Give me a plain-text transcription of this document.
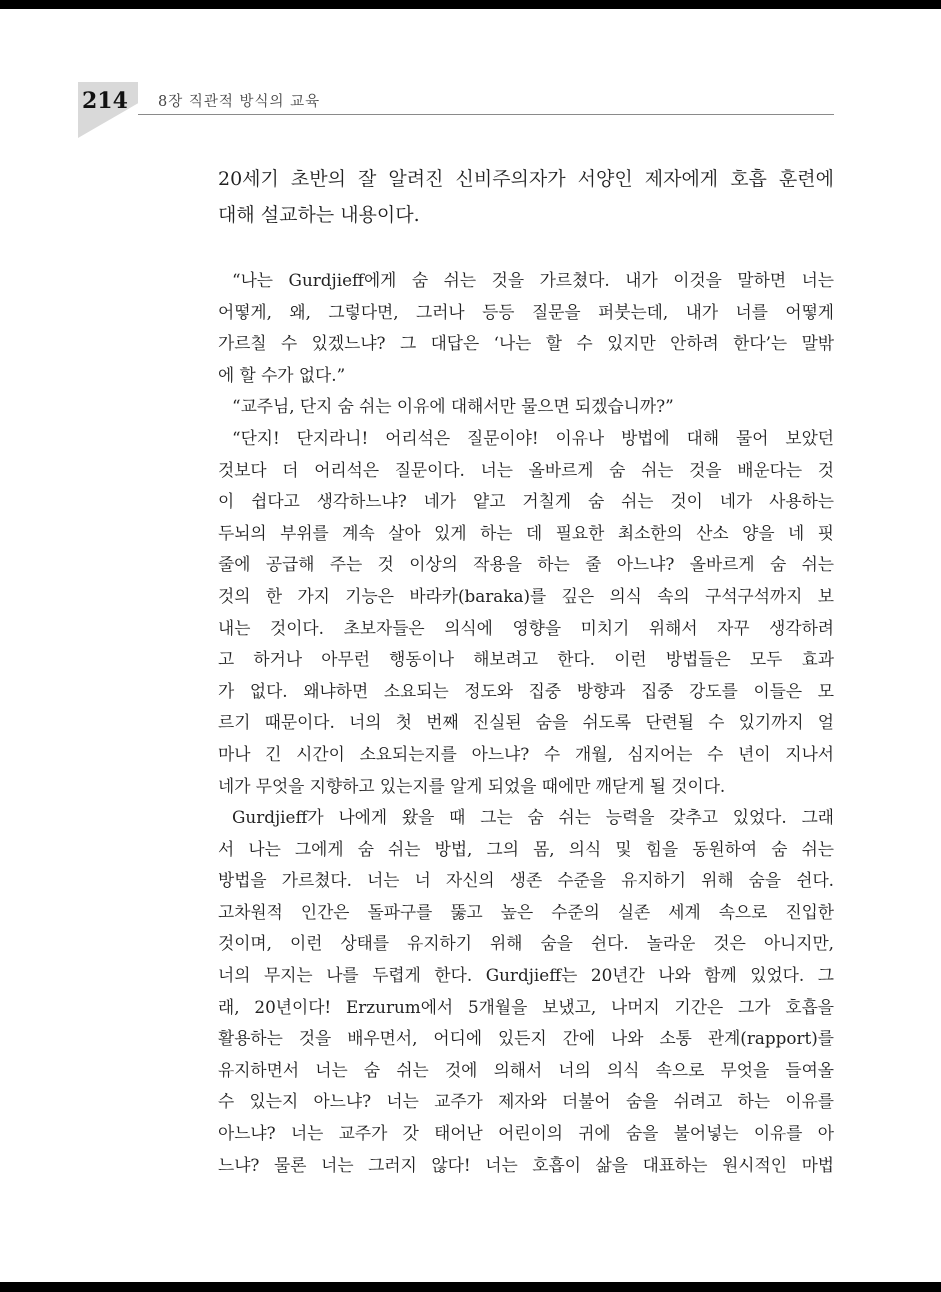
214 8장 직관적 방식의 교육
20세기 초반의 잘 알려진 신비주의자가 서양인 제자에게 호흡 훈련에
대해 설교하는 내용이다.
“나는 Gurdjieff에게 숨 쉬는 것을 가르쳤다. 내가 이것을 말하면 너는
어떻게, 왜, 그렇다면, 그러나 등등 질문을 퍼붓는데, 내가 너를 어떻게
가르칠 수 있겠느냐? 그 대답은 ‘나는 할 수 있지만 안하려 한다’는 말밖
에 할 수가 없다.”
“교주님, 단지 숨 쉬는 이유에 대해서만 물으면 되겠습니까?”
“단지! 단지라니! 어리석은 질문이야! 이유나 방법에 대해 물어 보았던
것보다 더 어리석은 질문이다. 너는 올바르게 숨 쉬는 것을 배운다는 것
이 쉽다고 생각하느냐? 네가 얕고 거칠게 숨 쉬는 것이 네가 사용하는
두뇌의 부위를 계속 살아 있게 하는 데 필요한 최소한의 산소 양을 네 핏
줄에 공급해 주는 것 이상의 작용을 하는 줄 아느냐? 올바르게 숨 쉬는
것의 한 가지 기능은 바라카(baraka)를 깊은 의식 속의 구석구석까지 보
내는 것이다. 초보자들은 의식에 영향을 미치기 위해서 자꾸 생각하려
고 하거나 아무런 행동이나 해보려고 한다. 이런 방법들은 모두 효과
가 없다. 왜냐하면 소요되는 정도와 집중 방향과 집중 강도를 이들은 모
르기 때문이다. 너의 첫 번째 진실된 숨을 쉬도록 단련될 수 있기까지 얼
마나 긴 시간이 소요되는지를 아느냐? 수 개월, 심지어는 수 년이 지나서
네가 무엇을 지향하고 있는지를 알게 되었을 때에만 깨닫게 될 것이다.
Gurdjieff가 나에게 왔을 때 그는 숨 쉬는 능력을 갖추고 있었다. 그래
서 나는 그에게 숨 쉬는 방법, 그의 몸, 의식 및 힘을 동원하여 숨 쉬는
방법을 가르쳤다. 너는 너 자신의 생존 수준을 유지하기 위해 숨을 쉰다.
고차원적 인간은 돌파구를 뚫고 높은 수준의 실존 세계 속으로 진입한
것이며, 이런 상태를 유지하기 위해 숨을 쉰다. 놀라운 것은 아니지만,
너의 무지는 나를 두렵게 한다. Gurdjieff는 20년간 나와 함께 있었다. 그
래, 20년이다! Erzurum에서 5개월을 보냈고, 나머지 기간은 그가 호흡을
활용하는 것을 배우면서, 어디에 있든지 간에 나와 소통 관계(rapport)를
유지하면서 너는 숨 쉬는 것에 의해서 너의 의식 속으로 무엇을 들여올
수 있는지 아느냐? 너는 교주가 제자와 더불어 숨을 쉬려고 하는 이유를
아느냐? 너는 교주가 갓 태어난 어린이의 귀에 숨을 불어넣는 이유를 아
느냐? 물론 너는 그러지 않다! 너는 호흡이 삶을 대표하는 원시적인 마법
